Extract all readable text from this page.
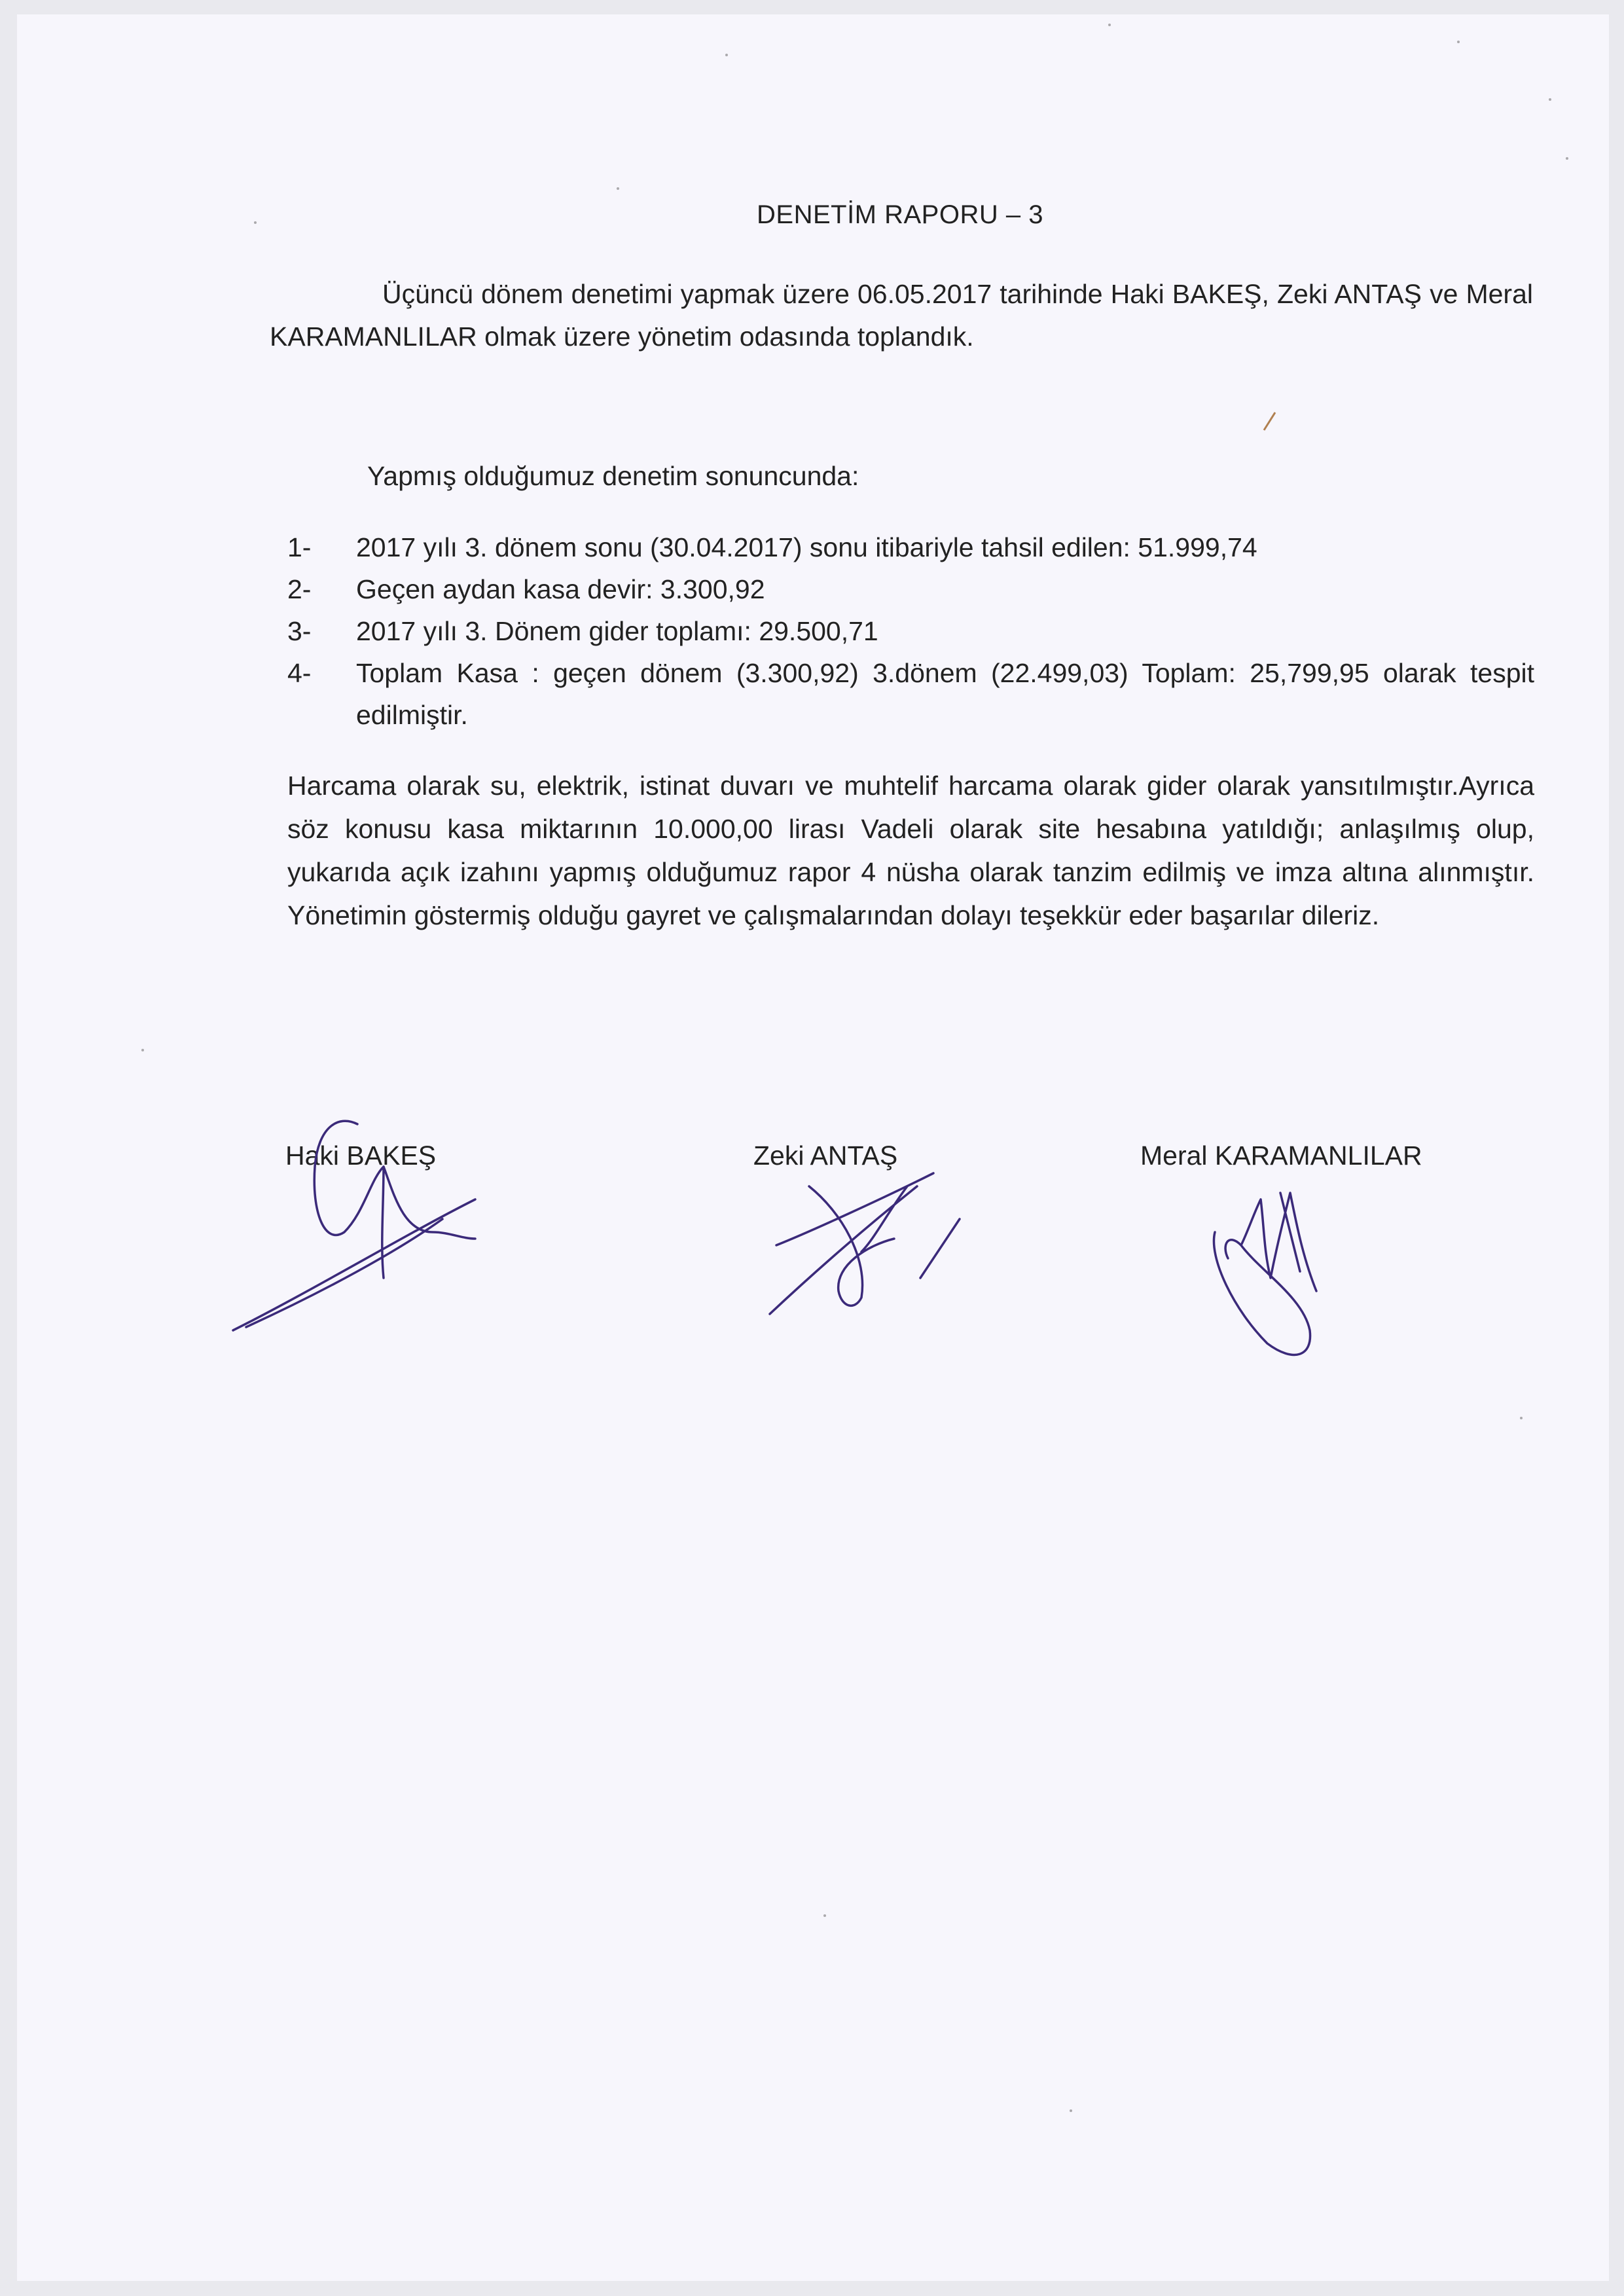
DENETİM RAPORU – 3
Üçüncü dönem denetimi yapmak üzere 06.05.2017 tarihinde Haki BAKEŞ, Zeki ANTAŞ ve Meral KARAMANLILAR olmak üzere yönetim odasında toplandık.
Yapmış olduğumuz denetim sonuncunda:
1- 2017 yılı 3. dönem sonu (30.04.2017) sonu itibariyle tahsil edilen: 51.999,74
2- Geçen aydan kasa devir: 3.300,92
3- 2017 yılı 3. Dönem gider toplamı: 29.500,71
4- Toplam Kasa : geçen dönem (3.300,92) 3.dönem (22.499,03) Toplam: 25,799,95 olarak tespit edilmiştir.
Harcama olarak su, elektrik, istinat duvarı ve muhtelif harcama olarak gider olarak yansıtılmıştır.Ayrıca söz konusu kasa miktarının 10.000,00 lirası Vadeli olarak site hesabına yatıldığı; anlaşılmış olup, yukarıda açık izahını yapmış olduğumuz rapor 4 nüsha olarak tanzim edilmiş ve imza altına alınmıştır. Yönetimin göstermiş olduğu gayret ve çalışmalarından dolayı teşekkür eder başarılar dileriz.
Haki BAKEŞ	Zeki ANTAŞ	Meral KARAMANLILAR
